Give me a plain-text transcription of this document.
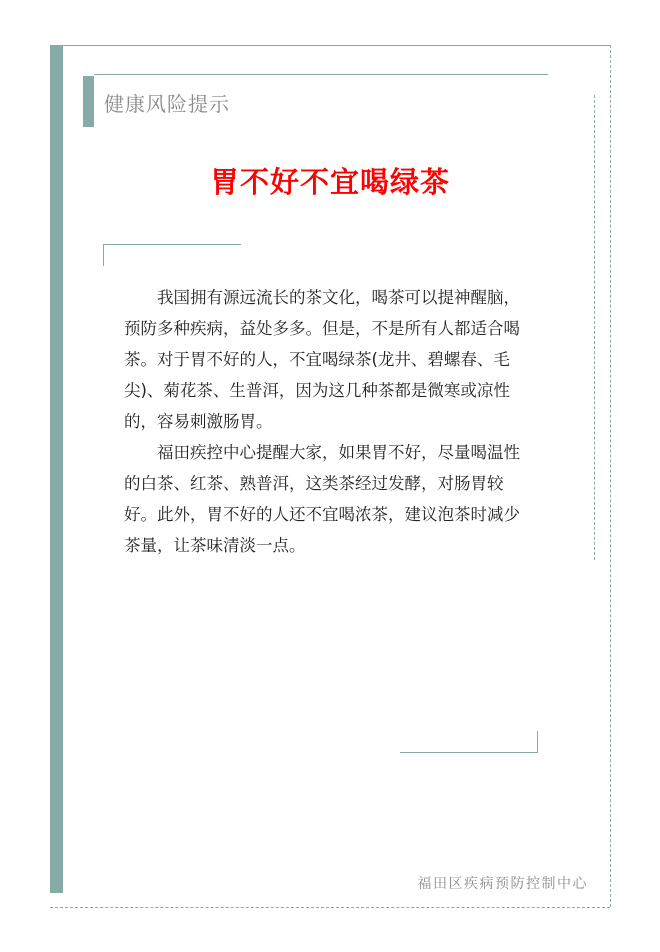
健康风险提示
胃不好不宜喝绿茶

我国拥有源远流长的茶文化，喝茶可以提神醒脑，预防多种疾病，益处多多。但是，不是所有人都适合喝茶。对于胃不好的人，不宜喝绿茶(龙井、碧螺春、毛尖)、菊花茶、生普洱，因为这几种茶都是微寒或凉性的，容易刺激肠胃。

福田疾控中心提醒大家，如果胃不好，尽量喝温性的白茶、红茶、熟普洱，这类茶经过发酵，对肠胃较好。此外，胃不好的人还不宜喝浓茶，建议泡茶时减少茶量，让茶味清淡一点。

福田区疾病预防控制中心
